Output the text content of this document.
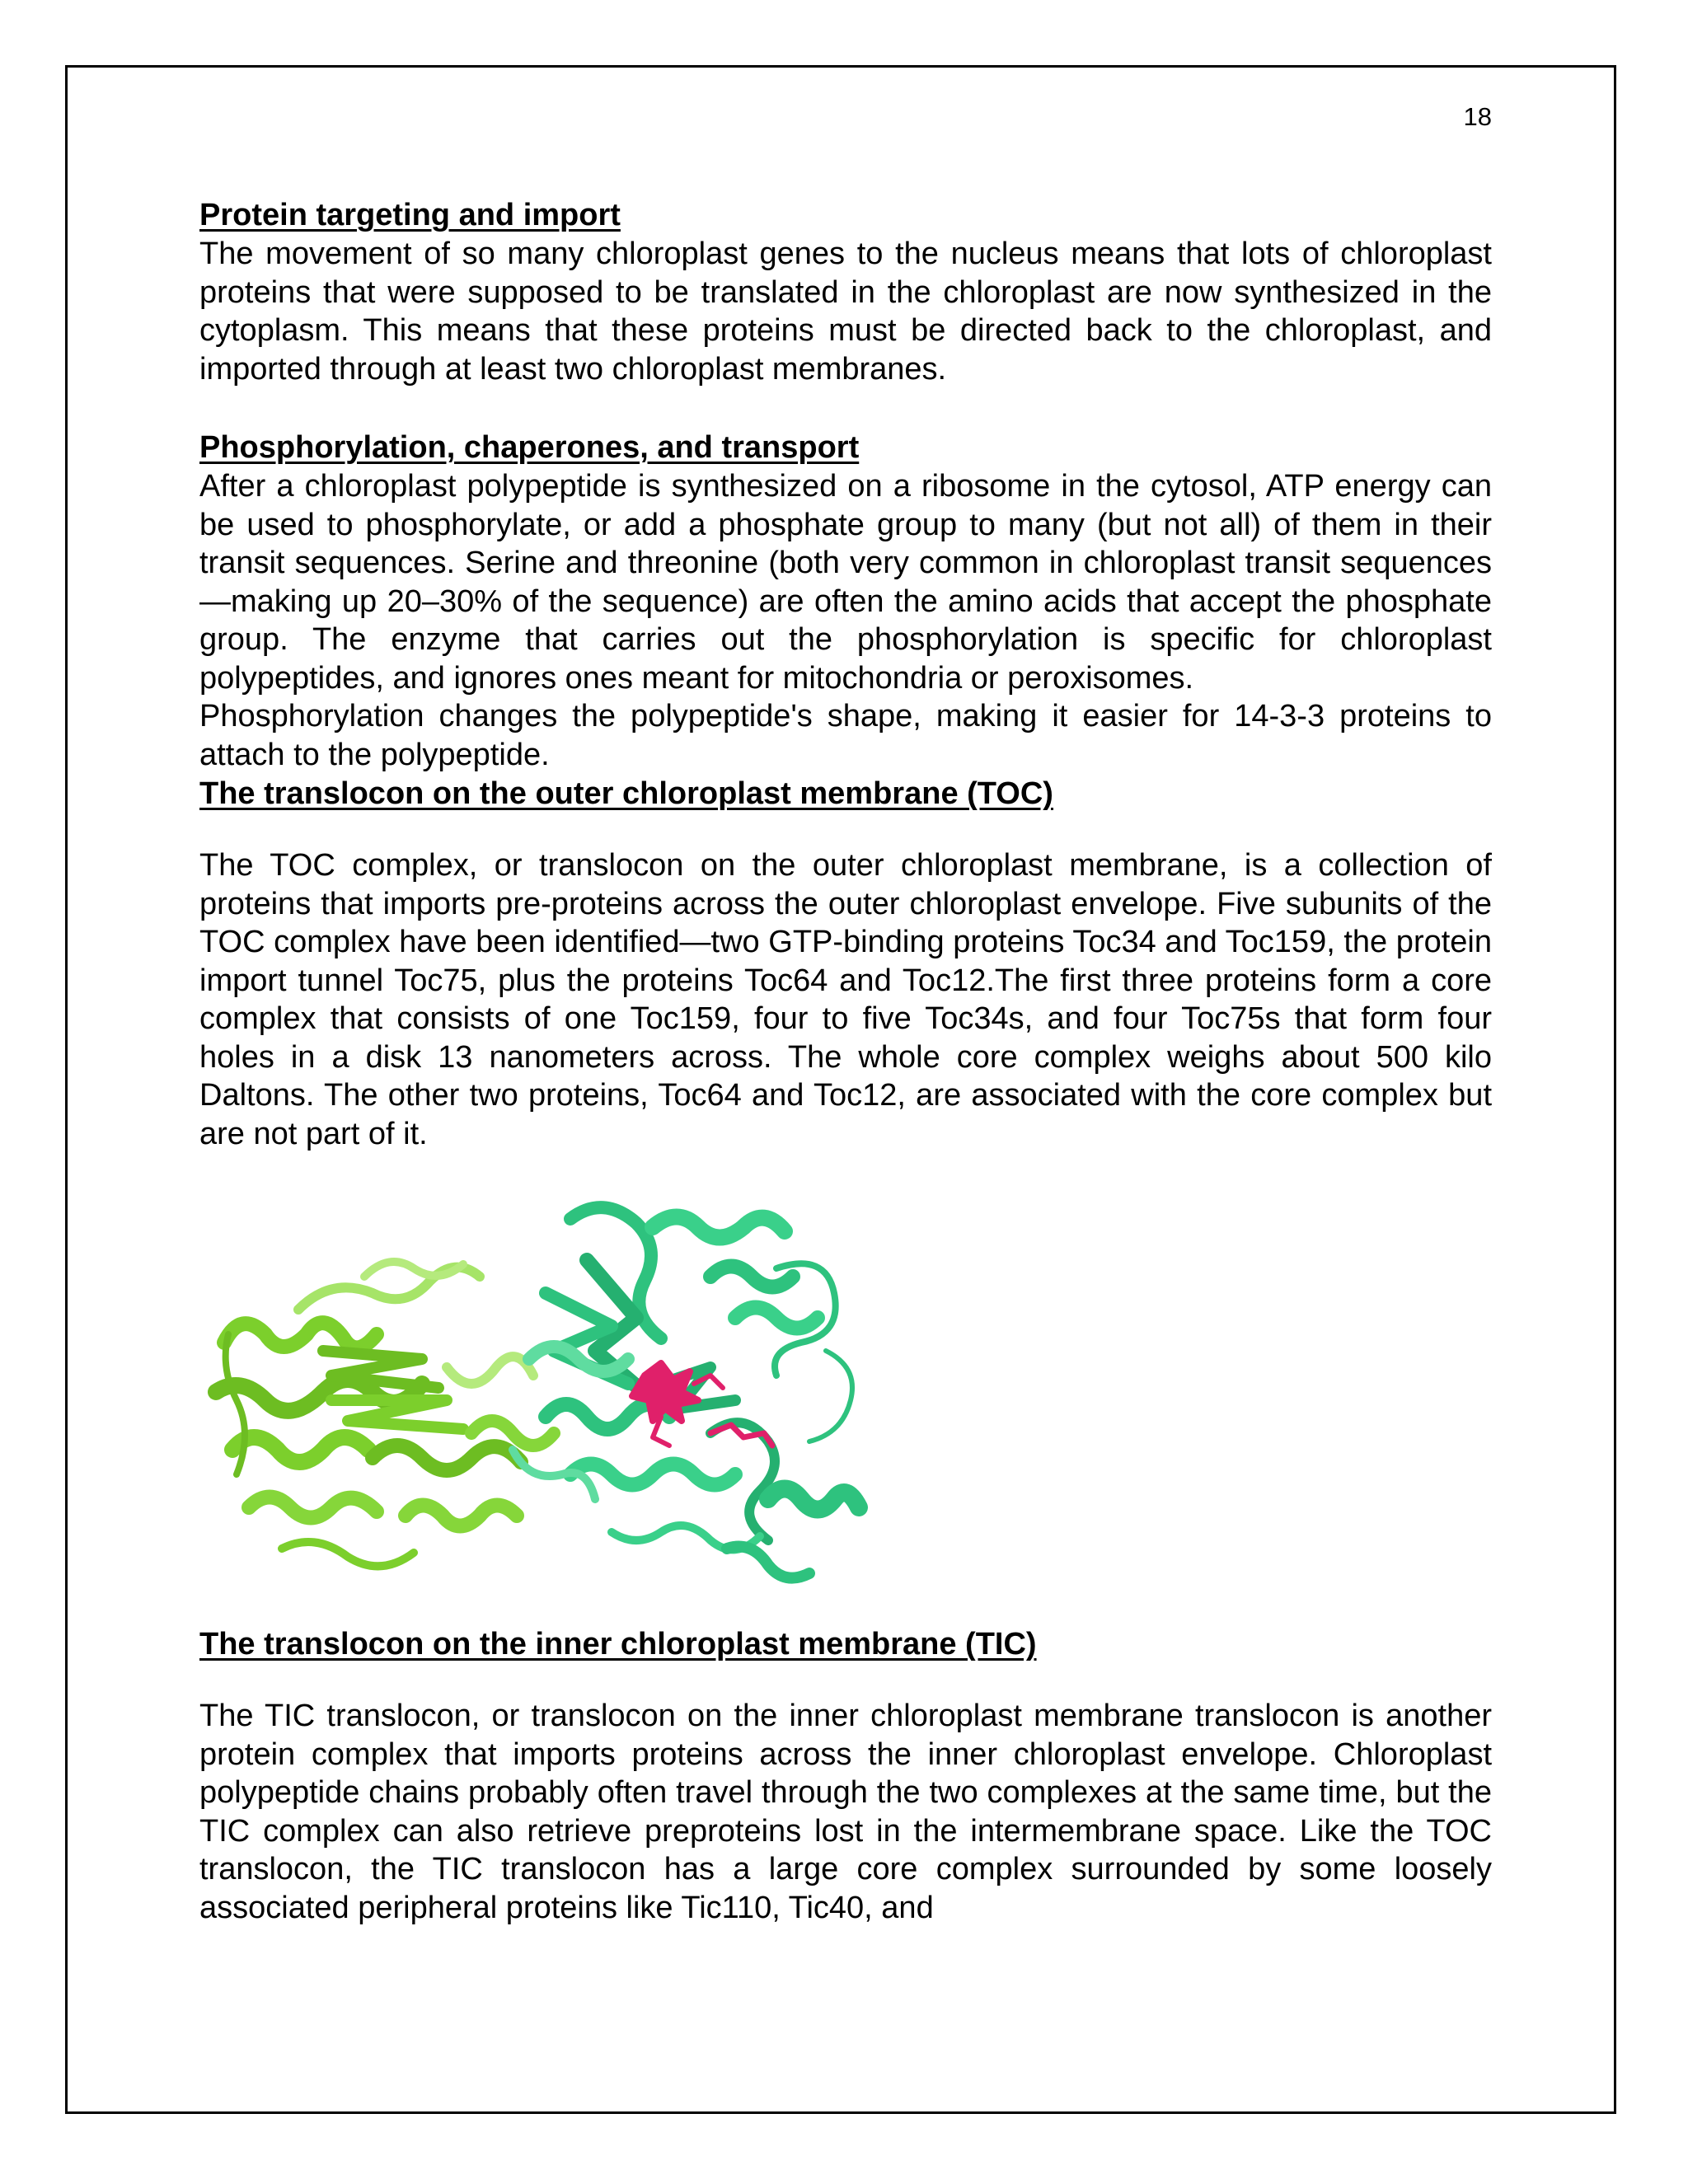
18
Protein targeting and import

The movement of so many chloroplast genes to the nucleus means that lots of chloroplast proteins that were supposed to be translated in the chloroplast are now synthesized in the cytoplasm. This means that these proteins must be directed back to the chloroplast, and imported through at least two chloroplast membranes.

Phosphorylation, chaperones, and transport

After a chloroplast polypeptide is synthesized on a ribosome in the cytosol, ATP energy can be used to phosphorylate, or add a phosphate group to many (but not all) of them in their transit sequences. Serine and threonine (both very common in chloroplast transit sequences—making up 20–30% of the sequence) are often the amino acids that accept the phosphate group. The enzyme that carries out the phosphorylation is specific for chloroplast polypeptides, and ignores ones meant for mitochondria or peroxisomes.

Phosphorylation changes the polypeptide's shape, making it easier for 14-3-3 proteins to attach to the polypeptide.

The translocon on the outer chloroplast membrane (TOC)

The TOC complex, or translocon on the outer chloroplast membrane, is a collection of proteins that imports pre-proteins across the outer chloroplast envelope. Five subunits of the TOC complex have been identified—two GTP-binding proteins Toc34 and Toc159, the protein import tunnel Toc75, plus the proteins Toc64 and Toc12.The first three proteins form a core complex that consists of one Toc159, four to five Toc34s, and four Toc75s that form four holes in a disk 13 nanometers across. The whole core complex weighs about 500 kilo Daltons. The other two proteins, Toc64 and Toc12, are associated with the core complex but are not part of it.

The translocon on the inner chloroplast membrane (TIC)

The TIC translocon, or translocon on the inner chloroplast membrane translocon is another protein complex that imports proteins across the inner chloroplast envelope. Chloroplast polypeptide chains probably often travel through the two complexes at the same time, but the TIC complex can also retrieve preproteins lost in the intermembrane space. Like the TOC translocon, the TIC translocon has a large core complex surrounded by some loosely associated peripheral proteins like Tic110, Tic40, and
